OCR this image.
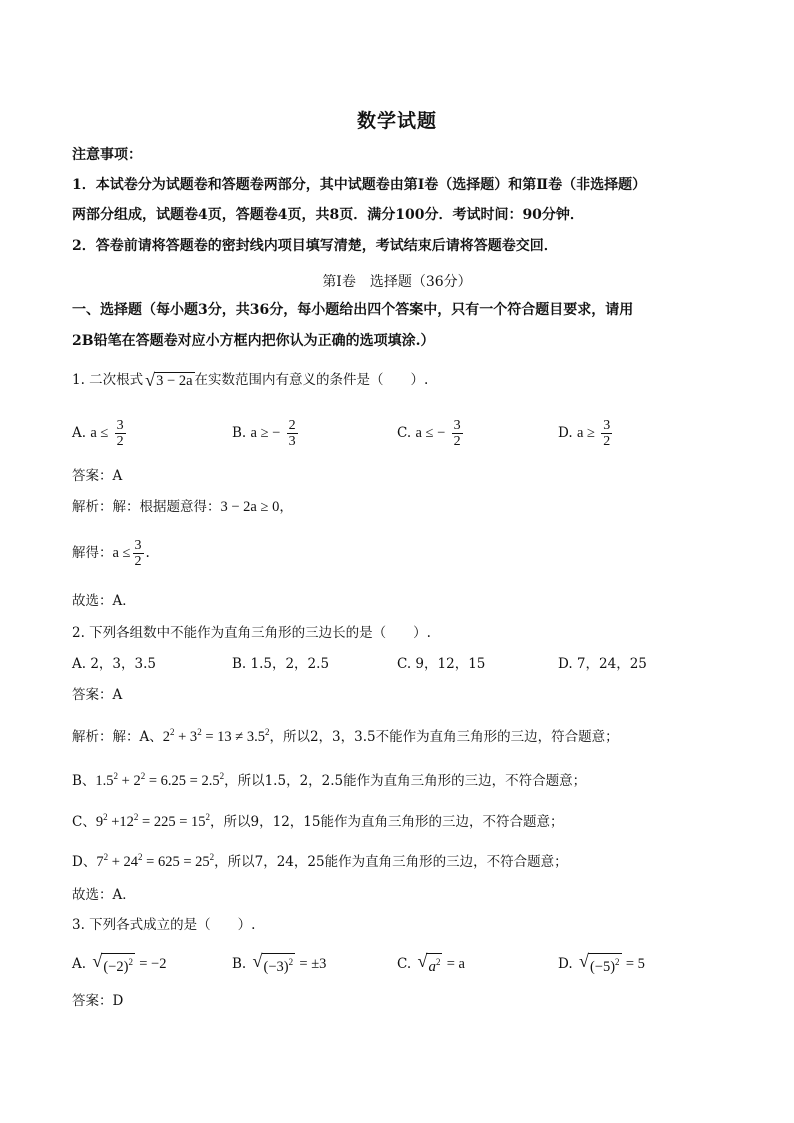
数学试题
注意事项：
1．本试卷分为试题卷和答题卷两部分，其中试题卷由第Ⅰ卷（选择题）和第Ⅱ卷（非选择题）
两部分组成，试题卷4页，答题卷4页，共8页．满分100分．考试时间：90分钟．
2．答卷前请将答题卷的密封线内项目填写清楚，考试结束后请将答题卷交回．
第Ⅰ卷　选择题（36分）
一、选择题（每小题3分，共36分，每小题给出四个答案中，只有一个符合题目要求，请用
2B铅笔在答题卷对应小方框内把你认为正确的选项填涂.）
1. 二次根式 √ 3 − 2a 在实数范围内有意义的条件是（　　）.
A. $a \le \frac{3}{2}$	B. a ≥ − $\frac{2}{3}$	C. a ≤ − $\frac{3}{2}$	D. $a \ge \frac{3}{2}$
答案：A
解析：解：根据题意得：3 − 2a ≥ 0，
解得：$a \le \frac{3}{2}$ .
故选：A．
2. 下列各组数中不能作为直角三角形的三边长的是（　　）.
A. 2，3，3.5	B. 1.5，2，2.5	C. 9，12，15	D. 7，24，25
答案：A
解析：解：A、$2^2 + 3^2 = 13 \ne 3.5^2$，所以2，3，3.5不能作为直角三角形的三边，符合题意；
B、$1.5^2 + 2^2 = 6.25 = 2.5^2$，所以1.5，2，2.5能作为直角三角形的三边，不符合题意；
C、$9^2 +12^2 = 225 = 15^2$，所以9，12，15能作为直角三角形的三边，不符合题意；
D、$7^2 + 24^2 = 625 = 25^2$，所以7，24，25能作为直角三角形的三边，不符合题意；
故选：A．
3. 下列各式成立的是（　　）.
A. √ $(-2)^2 = -2$	B. √ $(-3)^2 = \pm 3$	C. √ $a^2 = a$	D. √ $(-5)^2 = 5$
答案：D
